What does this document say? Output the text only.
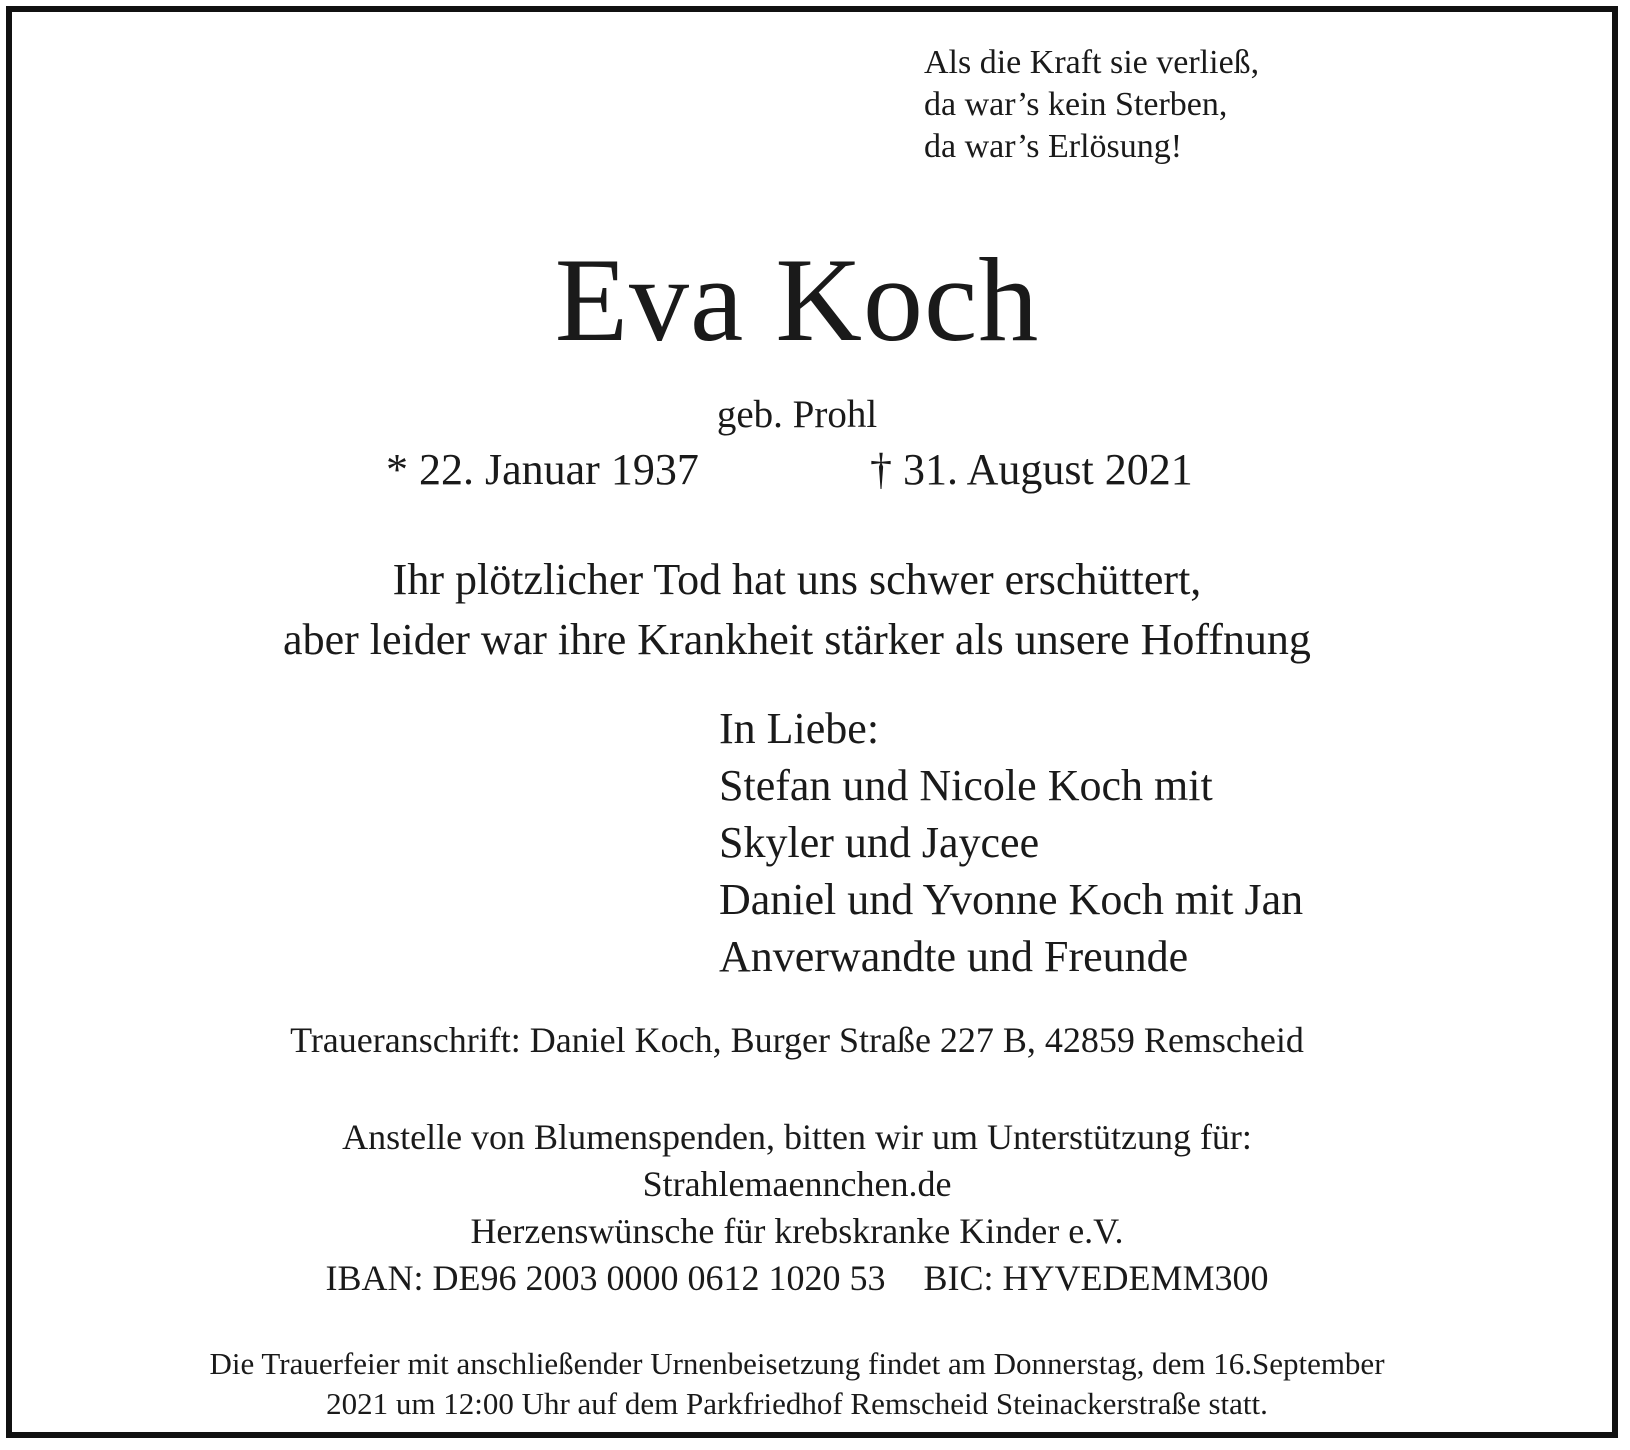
Als die Kraft sie verließ,
da war’s kein Sterben,
da war’s Erlösung!
Eva Koch
geb. Prohl
* 22. Januar 1937	† 31. August 2021
Ihr plötzlicher Tod hat uns schwer erschüttert,
aber leider war ihre Krankheit stärker als unsere Hoffnung
In Liebe:
Stefan und Nicole Koch mit
Skyler und Jaycee
Daniel und Yvonne Koch mit Jan
Anverwandte und Freunde
Traueranschrift: Daniel Koch, Burger Straße 227 B, 42859 Remscheid
Anstelle von Blumenspenden, bitten wir um Unterstützung für:
Strahlemaennchen.de
Herzenswünsche für krebskranke Kinder e.V.
IBAN: DE96 2003 0000 0612 1020 53 BIC: HYVEDEMM300
Die Trauerfeier mit anschließender Urnenbeisetzung findet am Donnerstag, dem 16.September
2021 um 12:00 Uhr auf dem Parkfriedhof Remscheid Steinackerstraße statt.
